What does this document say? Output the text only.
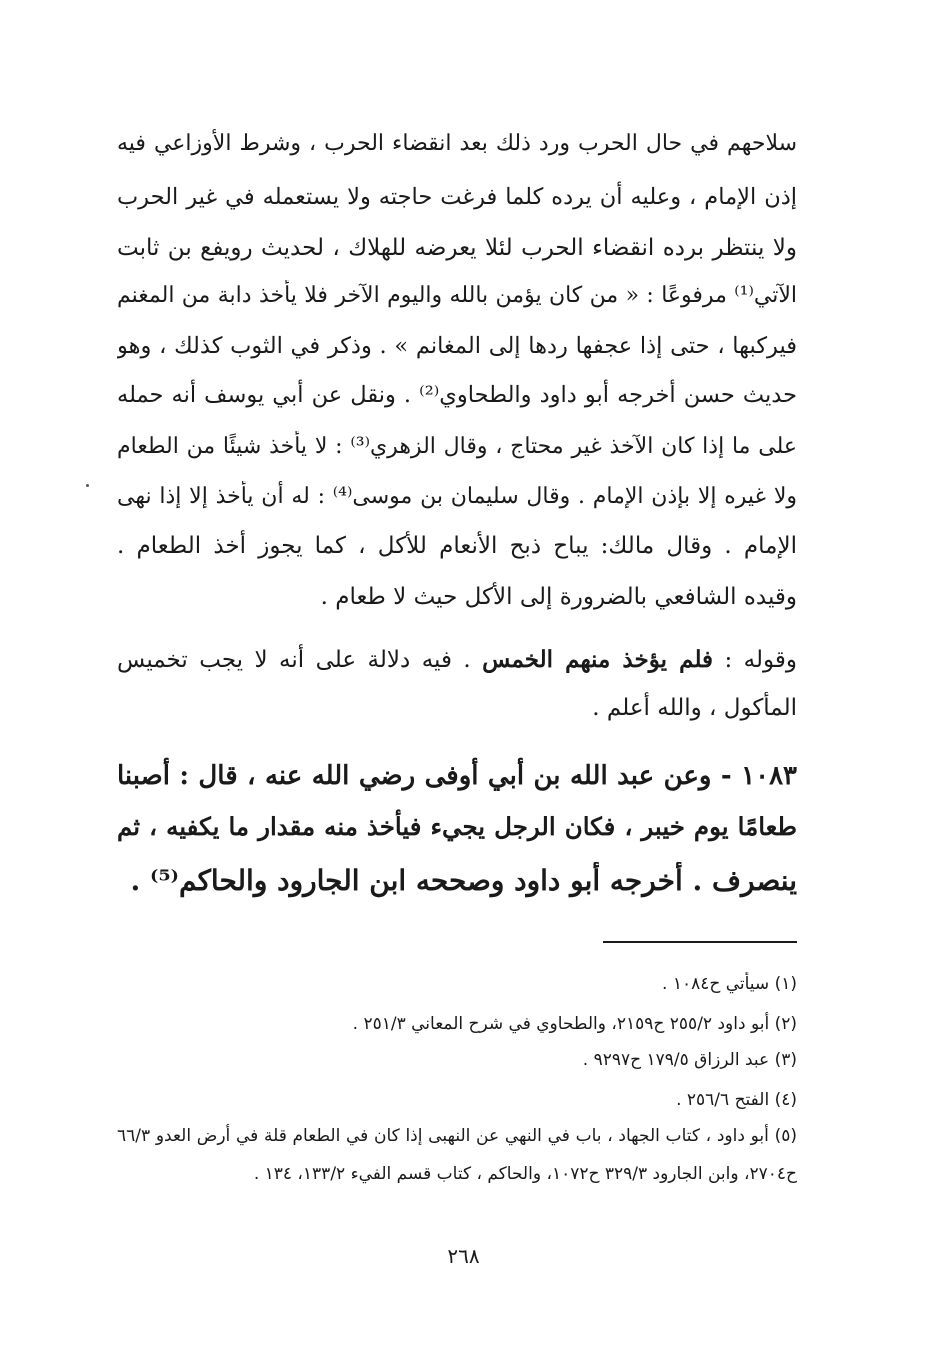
سلاحهم في حال الحرب ورد ذلك بعد انقضاء الحرب ، وشرط الأوزاعي فيه
إذن الإمام ، وعليه أن يرده كلما فرغت حاجته ولا يستعمله في غير الحرب
ولا ينتظر برده انقضاء الحرب لئلا يعرضه للهلاك ، لحديث رويفع بن ثابت
الآتي⁽¹⁾ مرفوعًا : « من كان يؤمن بالله واليوم الآخر فلا يأخذ دابة من المغنم
فيركبها ، حتى إذا عجفها ردها إلى المغانم » . وذكر في الثوب كذلك ، وهو
حديث حسن أخرجه أبو داود والطحاوي⁽²⁾ . ونقل عن أبي يوسف أنه حمله
على ما إذا كان الآخذ غير محتاج ، وقال الزهري⁽³⁾ : لا يأخذ شيئًا من الطعام
ولا غيره إلا بإذن الإمام . وقال سليمان بن موسى⁽⁴⁾ : له أن يأخذ إلا إذا نهى
الإمام . وقال مالك: يباح ذبح الأنعام للأكل ، كما يجوز أخذ الطعام .
وقيده الشافعي بالضرورة إلى الأكل حيث لا طعام .
وقوله : فلم يؤخذ منهم الخمس . فيه دلالة على أنه لا يجب تخميس
المأكول ، والله أعلم .
١٠٨٣ - وعن عبد الله بن أبي أوفى رضي الله عنه ، قال : أصبنا
طعامًا يوم خيبر ، فكان الرجل يجيء فيأخذ منه مقدار ما يكفيه ، ثم
ينصرف . أخرجه أبو داود وصححه ابن الجارود والحاكم⁽⁵⁾ .
(١) سيأتي ح١٠٨٤ .
(٢) أبو داود ٢٥٥/٢ ح٢١٥٩، والطحاوي في شرح المعاني ٢٥١/٣ .
(٣) عبد الرزاق ١٧٩/٥ ح٩٢٩٧ .
(٤) الفتح ٢٥٦/٦ .
(٥) أبو داود ، كتاب الجهاد ، باب في النهي عن النهبى إذا كان في الطعام قلة في أرض العدو ٦٦/٣
ح٢٧٠٤، وابن الجارود ٣٢٩/٣ ح١٠٧٢، والحاكم ، كتاب قسم الفيء ١٣٣/٢، ١٣٤ .
٢٦٨
